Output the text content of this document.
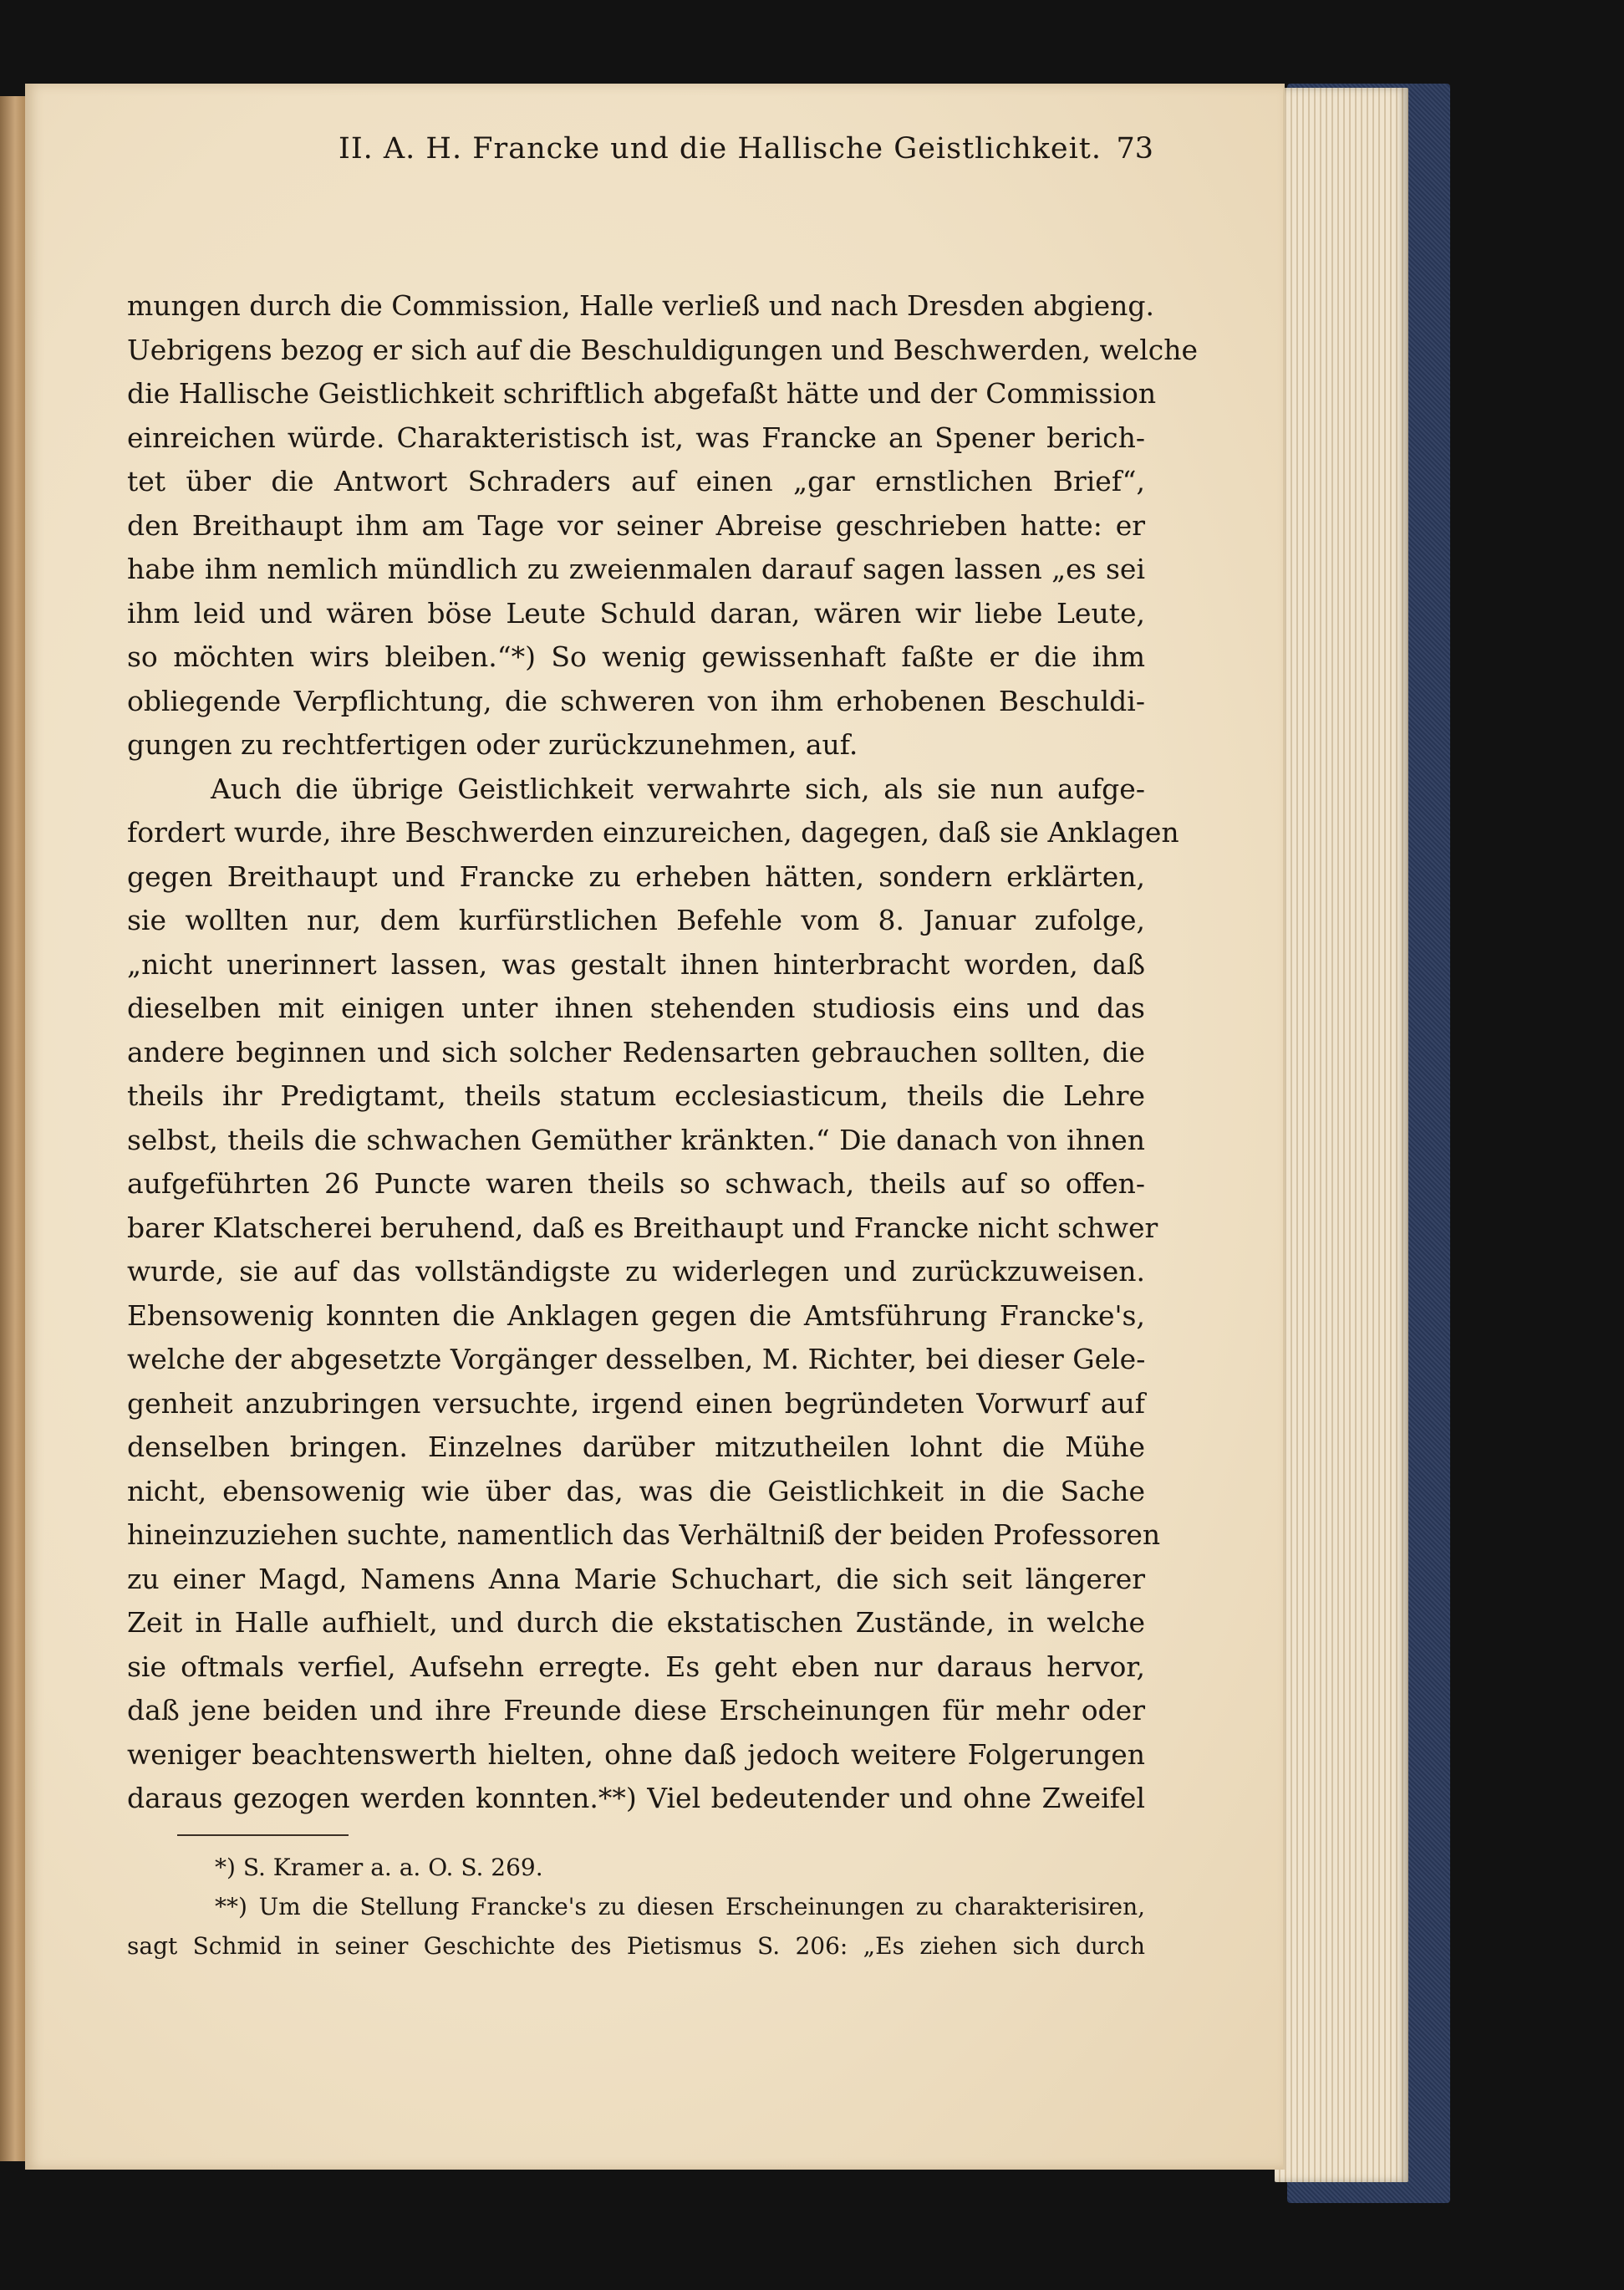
II. A. H. Francke und die Hallische Geistlichkeit. 73
mungen durch die Commission, Halle verließ und nach Dresden abgieng.
Uebrigens bezog er sich auf die Beschuldigungen und Beschwerden, welche
die Hallische Geistlichkeit schriftlich abgefaßt hätte und der Commission
einreichen würde. Charakteristisch ist, was Francke an Spener berich-
tet über die Antwort Schraders auf einen „gar ernstlichen Brief“,
den Breithaupt ihm am Tage vor seiner Abreise geschrieben hatte: er
habe ihm nemlich mündlich zu zweienmalen darauf sagen lassen „es sei
ihm leid und wären böse Leute Schuld daran, wären wir liebe Leute,
so möchten wirs bleiben.“*) So wenig gewissenhaft faßte er die ihm
obliegende Verpflichtung, die schweren von ihm erhobenen Beschuldi-
gungen zu rechtfertigen oder zurückzunehmen, auf.
Auch die übrige Geistlichkeit verwahrte sich, als sie nun aufge-
fordert wurde, ihre Beschwerden einzureichen, dagegen, daß sie Anklagen
gegen Breithaupt und Francke zu erheben hätten, sondern erklärten,
sie wollten nur, dem kurfürstlichen Befehle vom 8. Januar zufolge,
„nicht unerinnert lassen, was gestalt ihnen hinterbracht worden, daß
dieselben mit einigen unter ihnen stehenden studiosis eins und das
andere beginnen und sich solcher Redensarten gebrauchen sollten, die
theils ihr Predigtamt, theils statum ecclesiasticum, theils die Lehre
selbst, theils die schwachen Gemüther kränkten.“ Die danach von ihnen
aufgeführten 26 Puncte waren theils so schwach, theils auf so offen-
barer Klatscherei beruhend, daß es Breithaupt und Francke nicht schwer
wurde, sie auf das vollständigste zu widerlegen und zurückzuweisen.
Ebensowenig konnten die Anklagen gegen die Amtsführung Francke's,
welche der abgesetzte Vorgänger desselben, M. Richter, bei dieser Gele-
genheit anzubringen versuchte, irgend einen begründeten Vorwurf auf
denselben bringen. Einzelnes darüber mitzutheilen lohnt die Mühe
nicht, ebensowenig wie über das, was die Geistlichkeit in die Sache
hineinzuziehen suchte, namentlich das Verhältniß der beiden Professoren
zu einer Magd, Namens Anna Marie Schuchart, die sich seit längerer
Zeit in Halle aufhielt, und durch die ekstatischen Zustände, in welche
sie oftmals verfiel, Aufsehn erregte. Es geht eben nur daraus hervor,
daß jene beiden und ihre Freunde diese Erscheinungen für mehr oder
weniger beachtenswerth hielten, ohne daß jedoch weitere Folgerungen
daraus gezogen werden konnten.**) Viel bedeutender und ohne Zweifel
*) S. Kramer a. a. O. S. 269.
**) Um die Stellung Francke's zu diesen Erscheinungen zu charakterisiren,
sagt Schmid in seiner Geschichte des Pietismus S. 206: „Es ziehen sich durch
